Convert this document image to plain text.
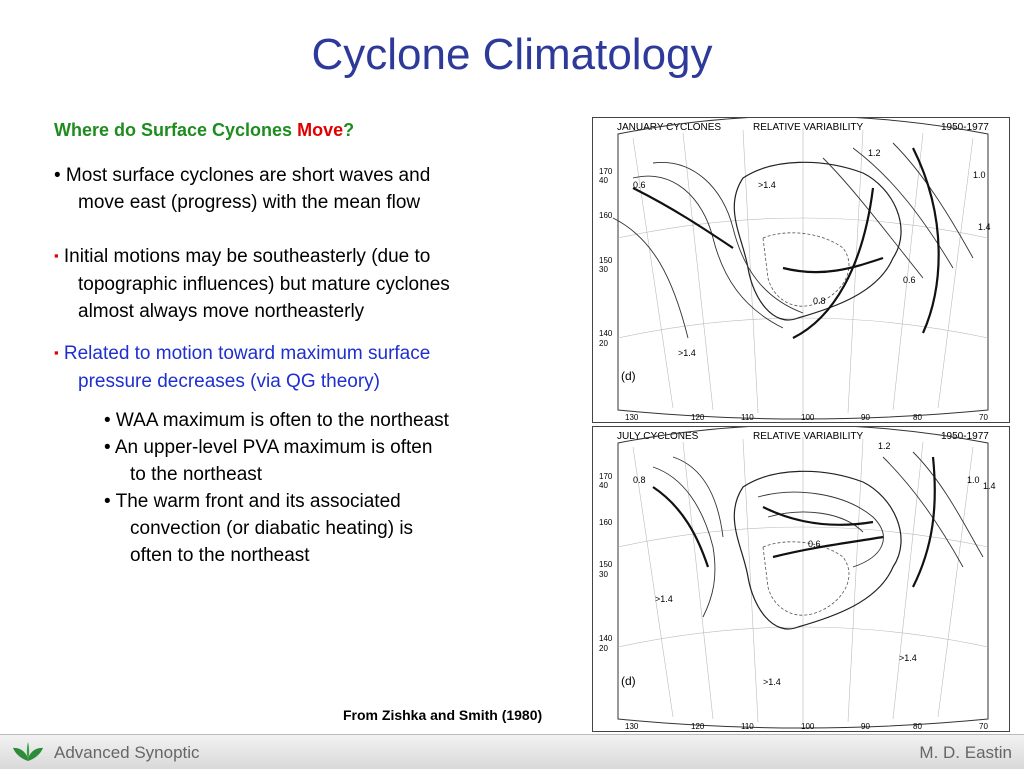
Cyclone Climatology
Where do Surface Cyclones Move?
• Most surface cyclones are short waves and
move east (progress) with the mean flow
▪ Initial motions may be southeasterly (due to
topographic influences) but mature cyclones
almost always move northeasterly
▪ Related to motion toward maximum surface
pressure decreases (via QG theory)
• WAA maximum is often to the northeast
• An upper-level PVA maximum is often
to the northeast
• The warm front and its associated
convection (or diabatic heating) is
often to the northeast
JANUARY CYCLONES	RELATIVE VARIABILITY	1950-1977
>1.4
>1.4
0.6
0.8
1.2
1.0
0.6
1.4
(d)
130	120	110	100	90	80	70
170
40
160
150
30
140
20
JULY CYCLONES	RELATIVE VARIABILITY	1950-1977
>1.4
>1.4
>1.4
0.6
0.8
1.2
1.0
1.4
(d)
130	120	110	100	90	80	70
170
40
160
150
30
140
20
From Zishka and Smith (1980)
Advanced Synoptic	M. D. Eastin
